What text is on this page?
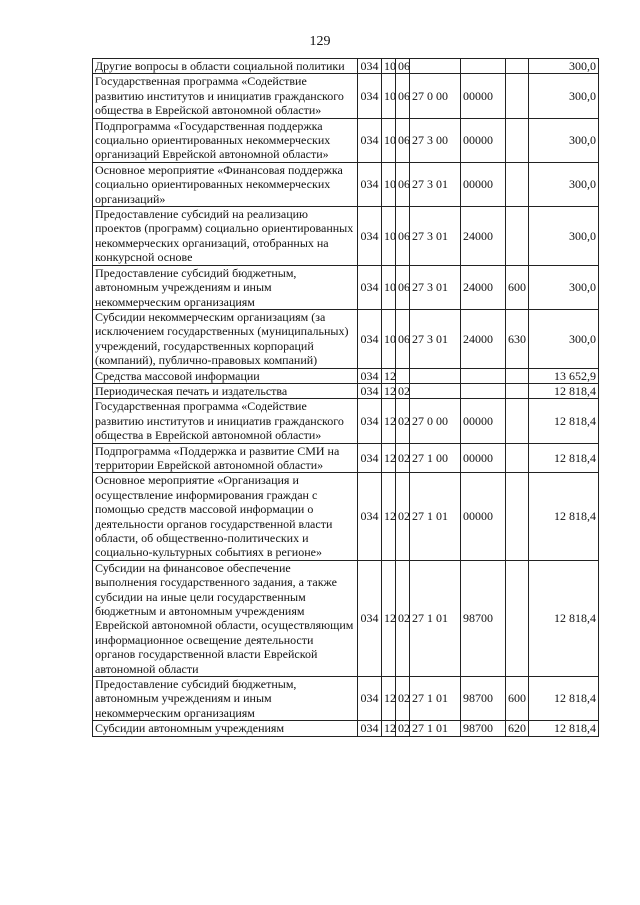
129
Другие вопросы в области социальной политики	034	10	06				300,0
Государственная программа «Содействие развитию институтов и инициатив гражданского общества в Еврейской автономной области»	034	10	06	27 0 00	00000		300,0
Подпрограмма «Государственная поддержка социально ориентированных некоммерческих организаций Еврейской автономной области»	034	10	06	27 3 00	00000		300,0
Основное мероприятие «Финансовая поддержка социально ориентированных некоммерческих организаций»	034	10	06	27 3 01	00000		300,0
Предоставление субсидий на реализацию проектов (программ) социально ориентированных некоммерческих организаций, отобранных на конкурсной основе	034	10	06	27 3 01	24000		300,0
Предоставление субсидий бюджетным, автономным учреждениям и иным некоммерческим организациям	034	10	06	27 3 01	24000	600	300,0
Субсидии некоммерческим организациям (за исключением государственных (муниципальных) учреждений, государственных корпораций (компаний), публично-правовых компаний)	034	10	06	27 3 01	24000	630	300,0
Средства массовой информации	034	12					13 652,9
Периодическая печать и издательства	034	12	02				12 818,4
Государственная программа «Содействие развитию институтов и инициатив гражданского общества в Еврейской автономной области»	034	12	02	27 0 00	00000		12 818,4
Подпрограмма «Поддержка и развитие СМИ на территории Еврейской автономной области»	034	12	02	27 1 00	00000		12 818,4
Основное мероприятие «Организация и осуществление информирования граждан с помощью средств массовой информации о деятельности органов государственной власти области, об общественно-политических и социально-культурных событиях в регионе»	034	12	02	27 1 01	00000		12 818,4
Субсидии на финансовое обеспечение выполнения государственного задания, а также субсидии на иные цели государственным бюджетным и автономным учреждениям Еврейской автономной области, осуществляющим информационное освещение деятельности органов государственной власти Еврейской автономной области	034	12	02	27 1 01	98700		12 818,4
Предоставление субсидий бюджетным, автономным учреждениям и иным некоммерческим организациям	034	12	02	27 1 01	98700	600	12 818,4
Субсидии автономным учреждениям	034	12	02	27 1 01	98700	620	12 818,4
